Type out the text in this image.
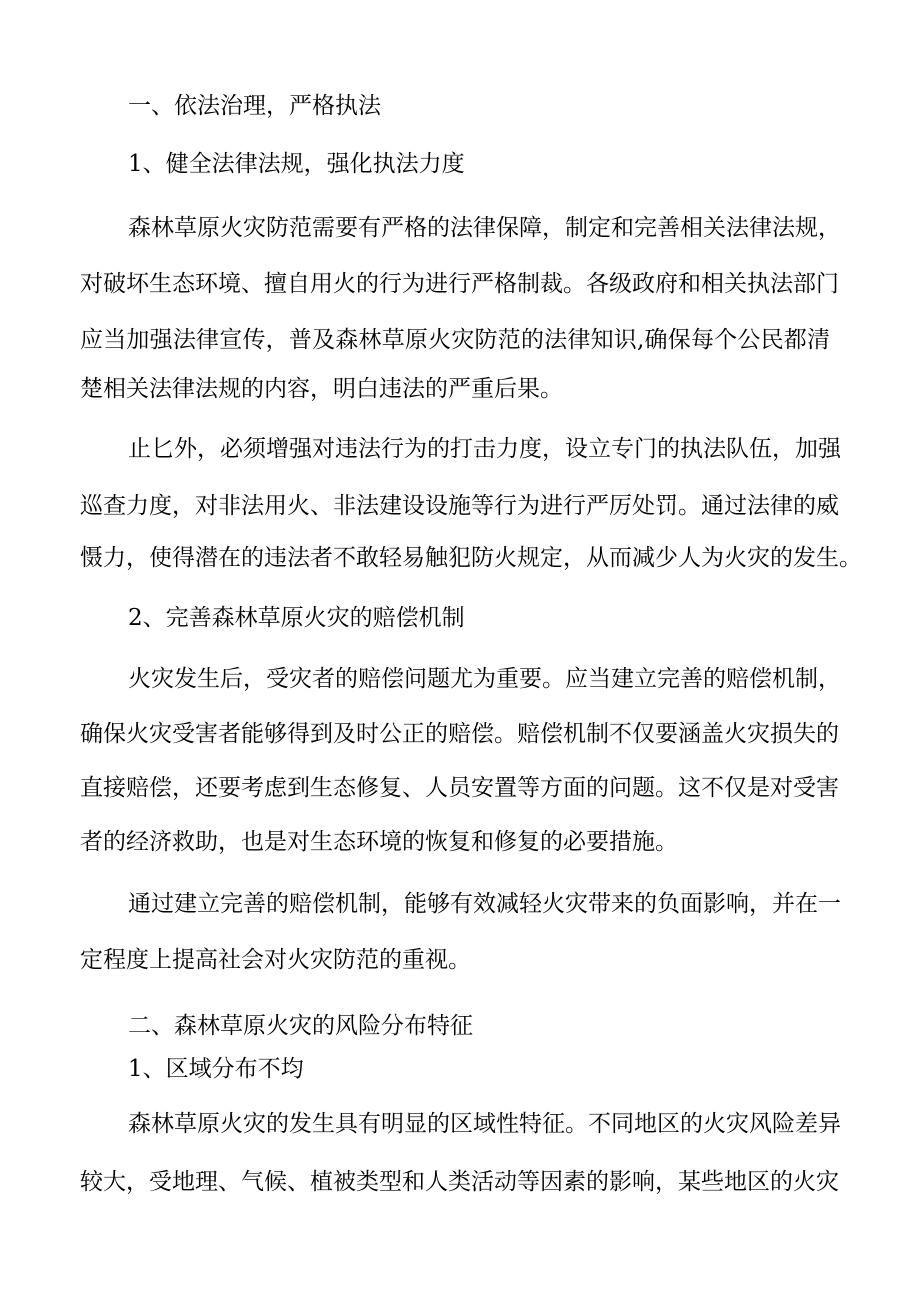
一、依法治理，严格执法
1、健全法律法规，强化执法力度
森林草原火灾防范需要有严格的法律保障，制定和完善相关法律法规，
对破坏生态环境、擅自用火的行为进行严格制裁。各级政府和相关执法部门
应当加强法律宣传，普及森林草原火灾防范的法律知识,确保每个公民都清
楚相关法律法规的内容，明白违法的严重后果。
止匕外，必须增强对违法行为的打击力度，设立专门的执法队伍，加强
巡查力度，对非法用火、非法建设设施等行为进行严厉处罚。通过法律的威
慑力，使得潜在的违法者不敢轻易触犯防火规定，从而减少人为火灾的发生。
2、完善森林草原火灾的赔偿机制
火灾发生后，受灾者的赔偿问题尤为重要。应当建立完善的赔偿机制，
确保火灾受害者能够得到及时公正的赔偿。赔偿机制不仅要涵盖火灾损失的
直接赔偿，还要考虑到生态修复、人员安置等方面的问题。这不仅是对受害
者的经济救助，也是对生态环境的恢复和修复的必要措施。
通过建立完善的赔偿机制，能够有效减轻火灾带来的负面影响，并在一
定程度上提高社会对火灾防范的重视。
二、森林草原火灾的风险分布特征
1、区域分布不均
森林草原火灾的发生具有明显的区域性特征。不同地区的火灾风险差异
较大，受地理、气候、植被类型和人类活动等因素的影响，某些地区的火灾
